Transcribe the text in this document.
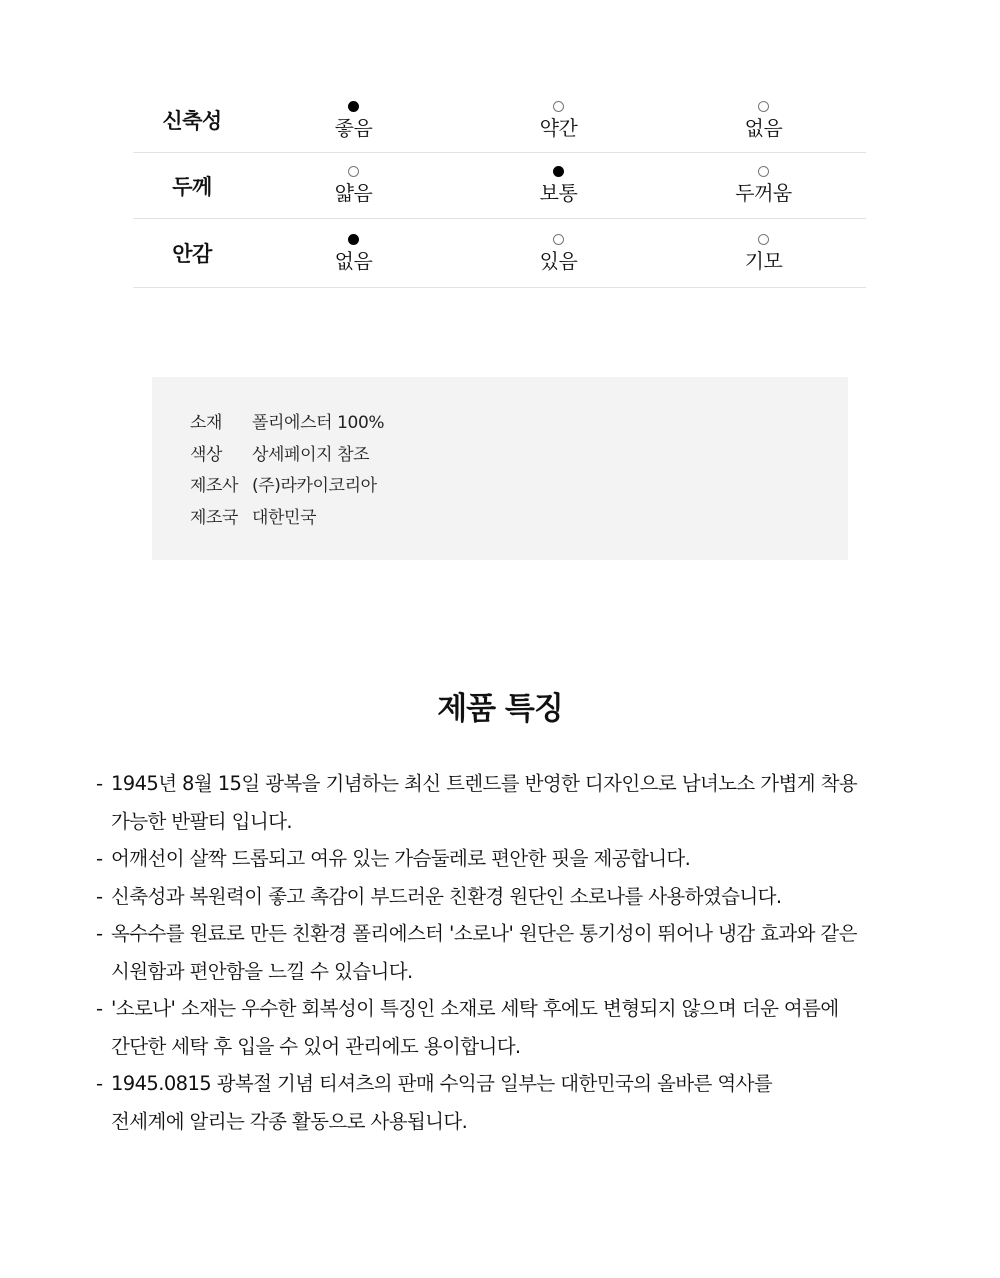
신축성	좋음	약간	없음
두께	얇음	보통	두꺼움
안감	없음	있음	기모
소재	폴리에스터 100%
색상	상세페이지 참조
제조사 (주)라카이코리아
제조국 대한민국
제품 특징
- 1945년 8월 15일 광복을 기념하는 최신 트렌드를 반영한 디자인으로 남녀노소 가볍게 착용
가능한 반팔티 입니다.
- 어깨선이 살짝 드롭되고 여유 있는 가슴둘레로 편안한 핏을 제공합니다.
- 신축성과 복원력이 좋고 촉감이 부드러운 친환경 원단인 소로나를 사용하였습니다.
- 옥수수를 원료로 만든 친환경 폴리에스터 '소로나' 원단은 통기성이 뛰어나 냉감 효과와 같은
시원함과 편안함을 느낄 수 있습니다.
- '소로나' 소재는 우수한 회복성이 특징인 소재로 세탁 후에도 변형되지 않으며 더운 여름에
간단한 세탁 후 입을 수 있어 관리에도 용이합니다.
- 1945.0815 광복절 기념 티셔츠의 판매 수익금 일부는 대한민국의 올바른 역사를
전세계에 알리는 각종 활동으로 사용됩니다.
